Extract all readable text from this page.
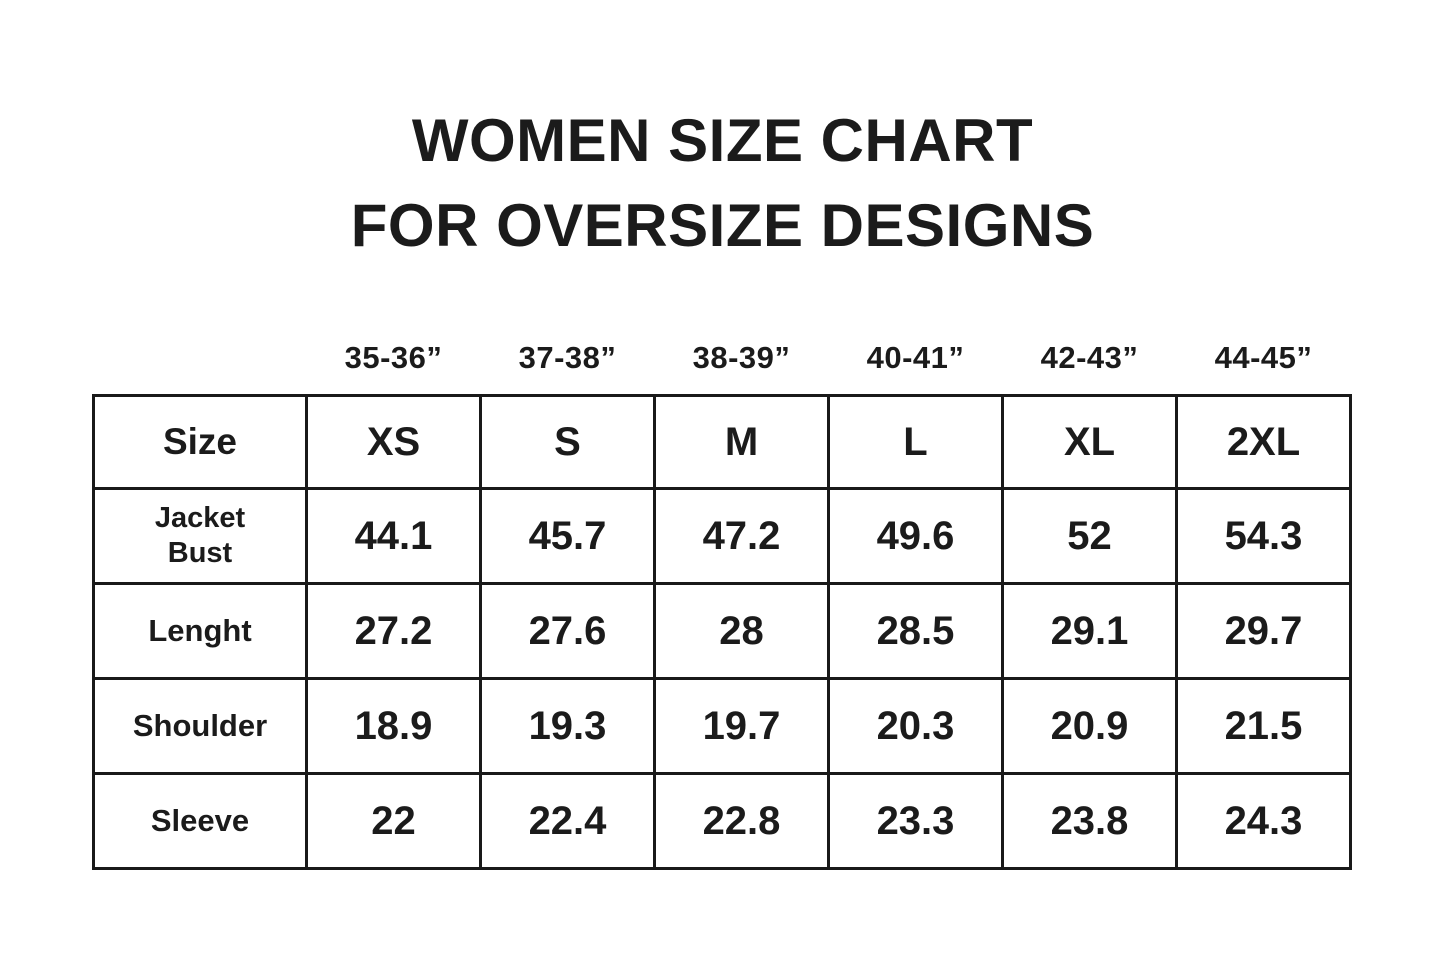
WOMEN SIZE CHART
FOR OVERSIZE DESIGNS
	35-36”	37-38”	38-39”	40-41”	42-43”	44-45”
Size	XS	S	M	L	XL	2XL
Jacket
Bust	44.1	45.7	47.2	49.6	52	54.3
Lenght	27.2	27.6	28	28.5	29.1	29.7
Shoulder	18.9	19.3	19.7	20.3	20.9	21.5
Sleeve	22	22.4	22.8	23.3	23.8	24.3
